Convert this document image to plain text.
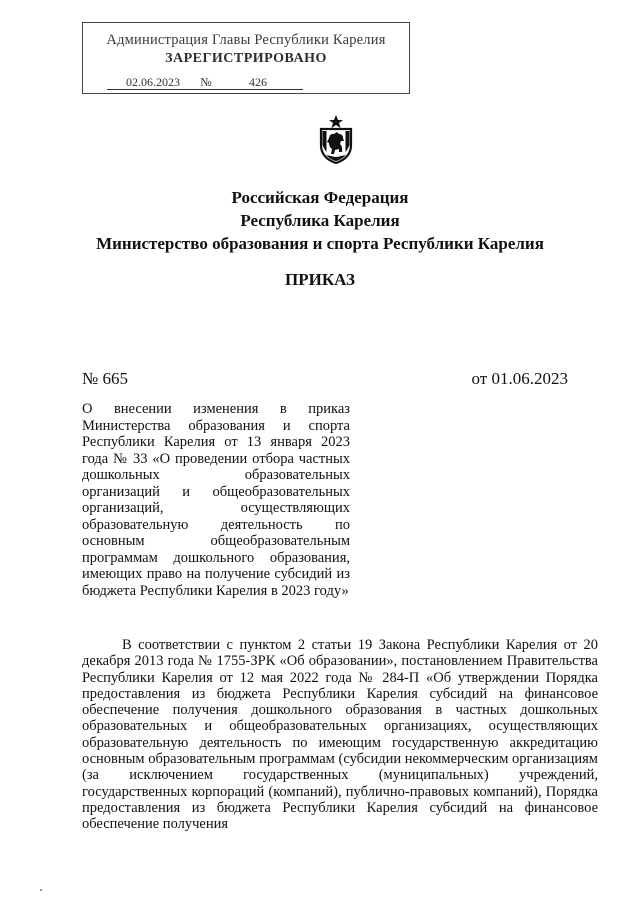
Администрация Главы Республики Карелия
ЗАРЕГИСТРИРОВАНО
02.06.2023 №	426
Российская Федерация
Республика Карелия
Министерство образования и спорта Республики Карелия
ПРИКАЗ
№ 665	от 01.06.2023
О внесении изменения в приказ Министерства образования и спорта Республики Карелия от 13 января 2023 года № 33 «О проведении отбора частных дошкольных образовательных организаций и общеобразовательных организаций, осуществляющих образовательную деятельность по основным общеобразовательным программам дошкольного образования, имеющих право на получение субсидий из бюджета Республики Карелия в 2023 году»
В соответствии с пунктом 2 статьи 19 Закона Республики Карелия от 20 декабря 2013 года № 1755-ЗРК «Об образовании», постановлением Правительства Республики Карелия от 12 мая 2022 года № 284-П «Об утверждении Порядка предоставления из бюджета Республики Карелия субсидий на финансовое обеспечение получения дошкольного образования в частных дошкольных образовательных и общеобразовательных организациях, осуществляющих образовательную деятельность по имеющим государственную аккредитацию основным образовательным программам (субсидии некоммерческим организациям (за исключением государственных (муниципальных) учреждений, государственных корпораций (компаний), публично-правовых компаний), Порядка предоставления из бюджета Республики Карелия субсидий на финансовое обеспечение получения
